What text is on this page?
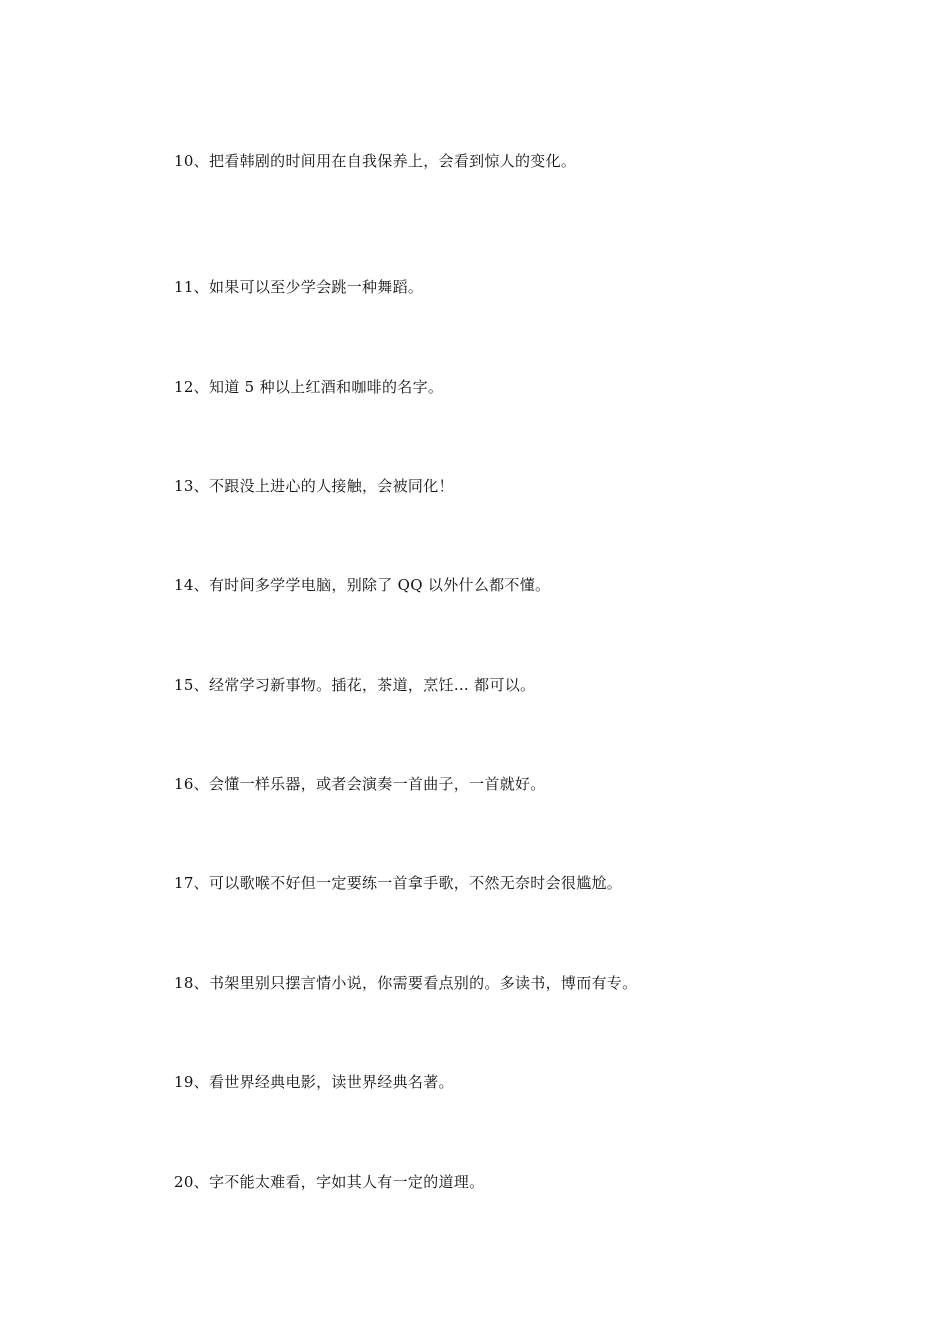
10、把看韩剧的时间用在自我保养上，会看到惊人的变化。

11、如果可以至少学会跳一种舞蹈。

12、知道 5 种以上红酒和咖啡的名字。

13、不跟没上进心的人接触，会被同化！

14、有时间多学学电脑，别除了 QQ 以外什么都不懂。

15、经常学习新事物。插花，茶道，烹饪… 都可以。

16、会懂一样乐器，或者会演奏一首曲子，一首就好。

17、可以歌喉不好但一定要练一首拿手歌，不然无奈时会很尴尬。

18、书架里别只摆言情小说，你需要看点别的。多读书，博而有专。

19、看世界经典电影，读世界经典名著。

20、字不能太难看，字如其人有一定的道理。
